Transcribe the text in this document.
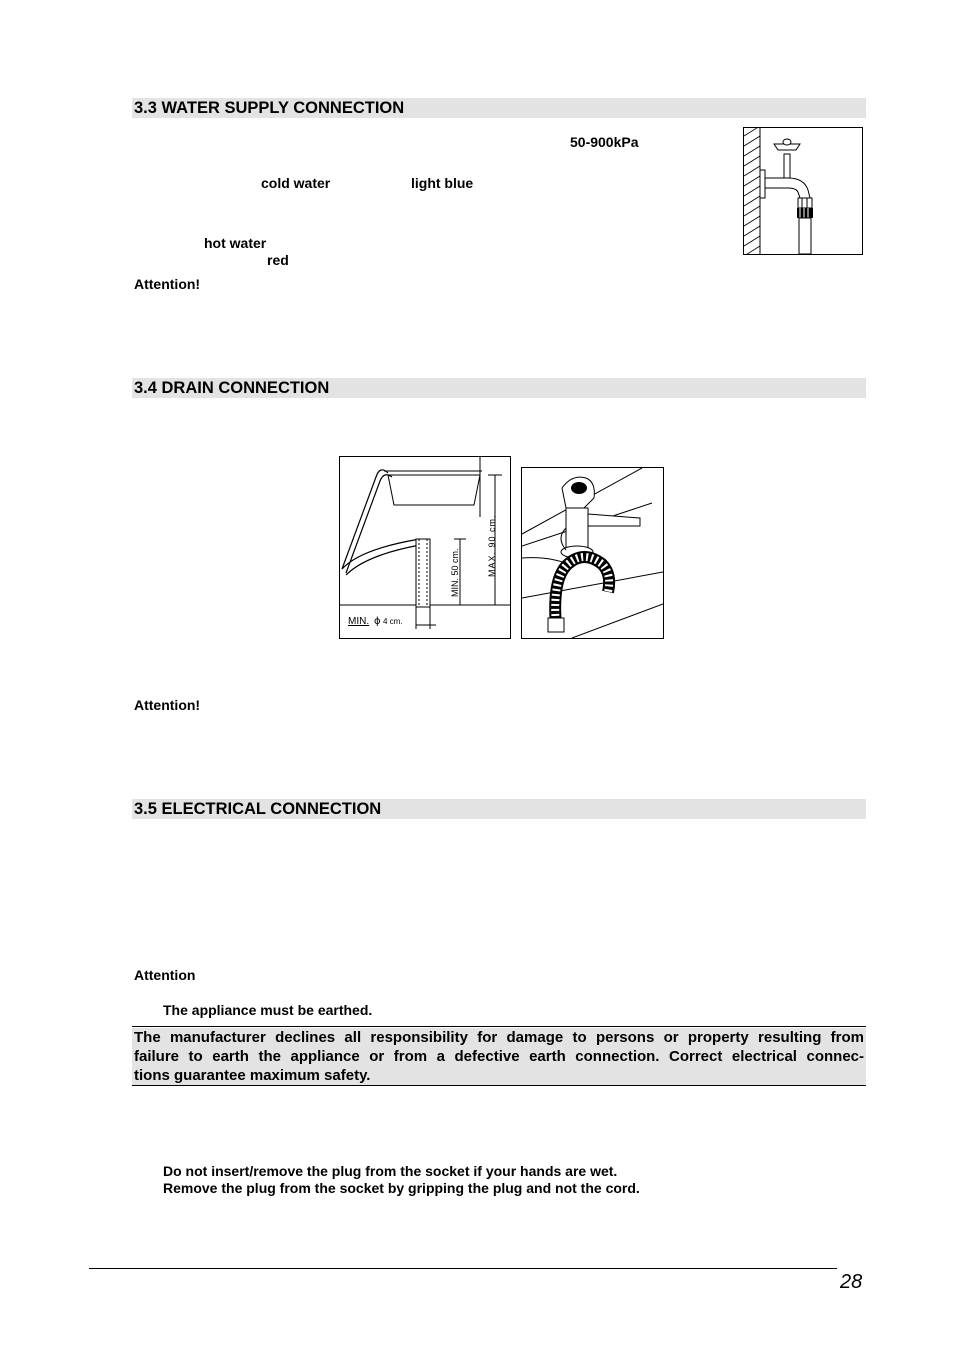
3.3 WATER SUPPLY CONNECTION
50-900kPa
cold water	light blue
hot water
red
Attention!
3.4 DRAIN CONNECTION
MAX. 90 cm.
MIN. 50 cm.
MIN. ϕ 4 cm.
Attention!
3.5 ELECTRICAL CONNECTION
Attention
The appliance must be earthed.
The manufacturer declines all responsibility for damage to persons or property resulting from
failure to earth the appliance or from a defective earth connection. Correct electrical connec-
tions guarantee maximum safety.
Do not insert/remove the plug from the socket if your hands are wet.
Remove the plug from the socket by gripping the plug and not the cord.
28
